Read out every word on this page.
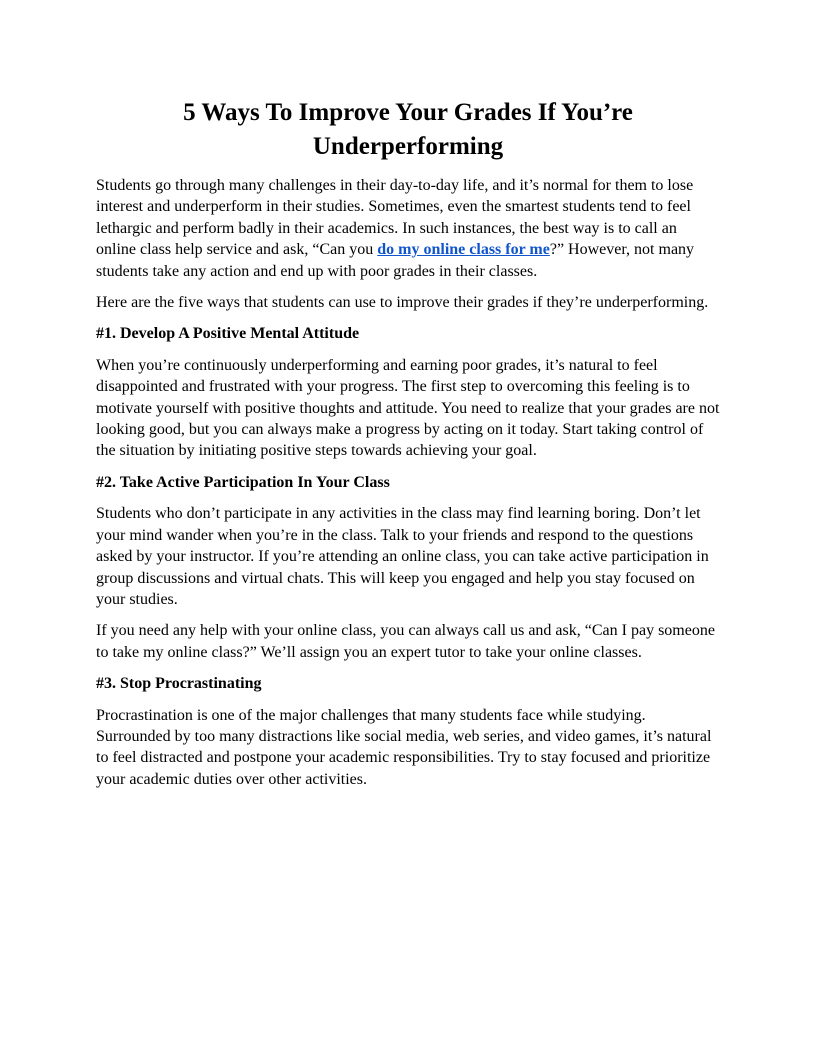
5 Ways To Improve Your Grades If You’re Underperforming

Students go through many challenges in their day-to-day life, and it’s normal for them to lose interest and underperform in their studies. Sometimes, even the smartest students tend to feel lethargic and perform badly in their academics. In such instances, the best way is to call an online class help service and ask, “Can you do my online class for me?” However, not many students take any action and end up with poor grades in their classes.

Here are the five ways that students can use to improve their grades if they’re underperforming.

#1. Develop A Positive Mental Attitude

When you’re continuously underperforming and earning poor grades, it’s natural to feel disappointed and frustrated with your progress. The first step to overcoming this feeling is to motivate yourself with positive thoughts and attitude. You need to realize that your grades are not looking good, but you can always make a progress by acting on it today. Start taking control of the situation by initiating positive steps towards achieving your goal.

#2. Take Active Participation In Your Class

Students who don’t participate in any activities in the class may find learning boring. Don’t let your mind wander when you’re in the class. Talk to your friends and respond to the questions asked by your instructor. If you’re attending an online class, you can take active participation in group discussions and virtual chats. This will keep you engaged and help you stay focused on your studies.

If you need any help with your online class, you can always call us and ask, “Can I pay someone to take my online class?” We’ll assign you an expert tutor to take your online classes.

#3. Stop Procrastinating

Procrastination is one of the major challenges that many students face while studying. Surrounded by too many distractions like social media, web series, and video games, it’s natural to feel distracted and postpone your academic responsibilities. Try to stay focused and prioritize your academic duties over other activities.
